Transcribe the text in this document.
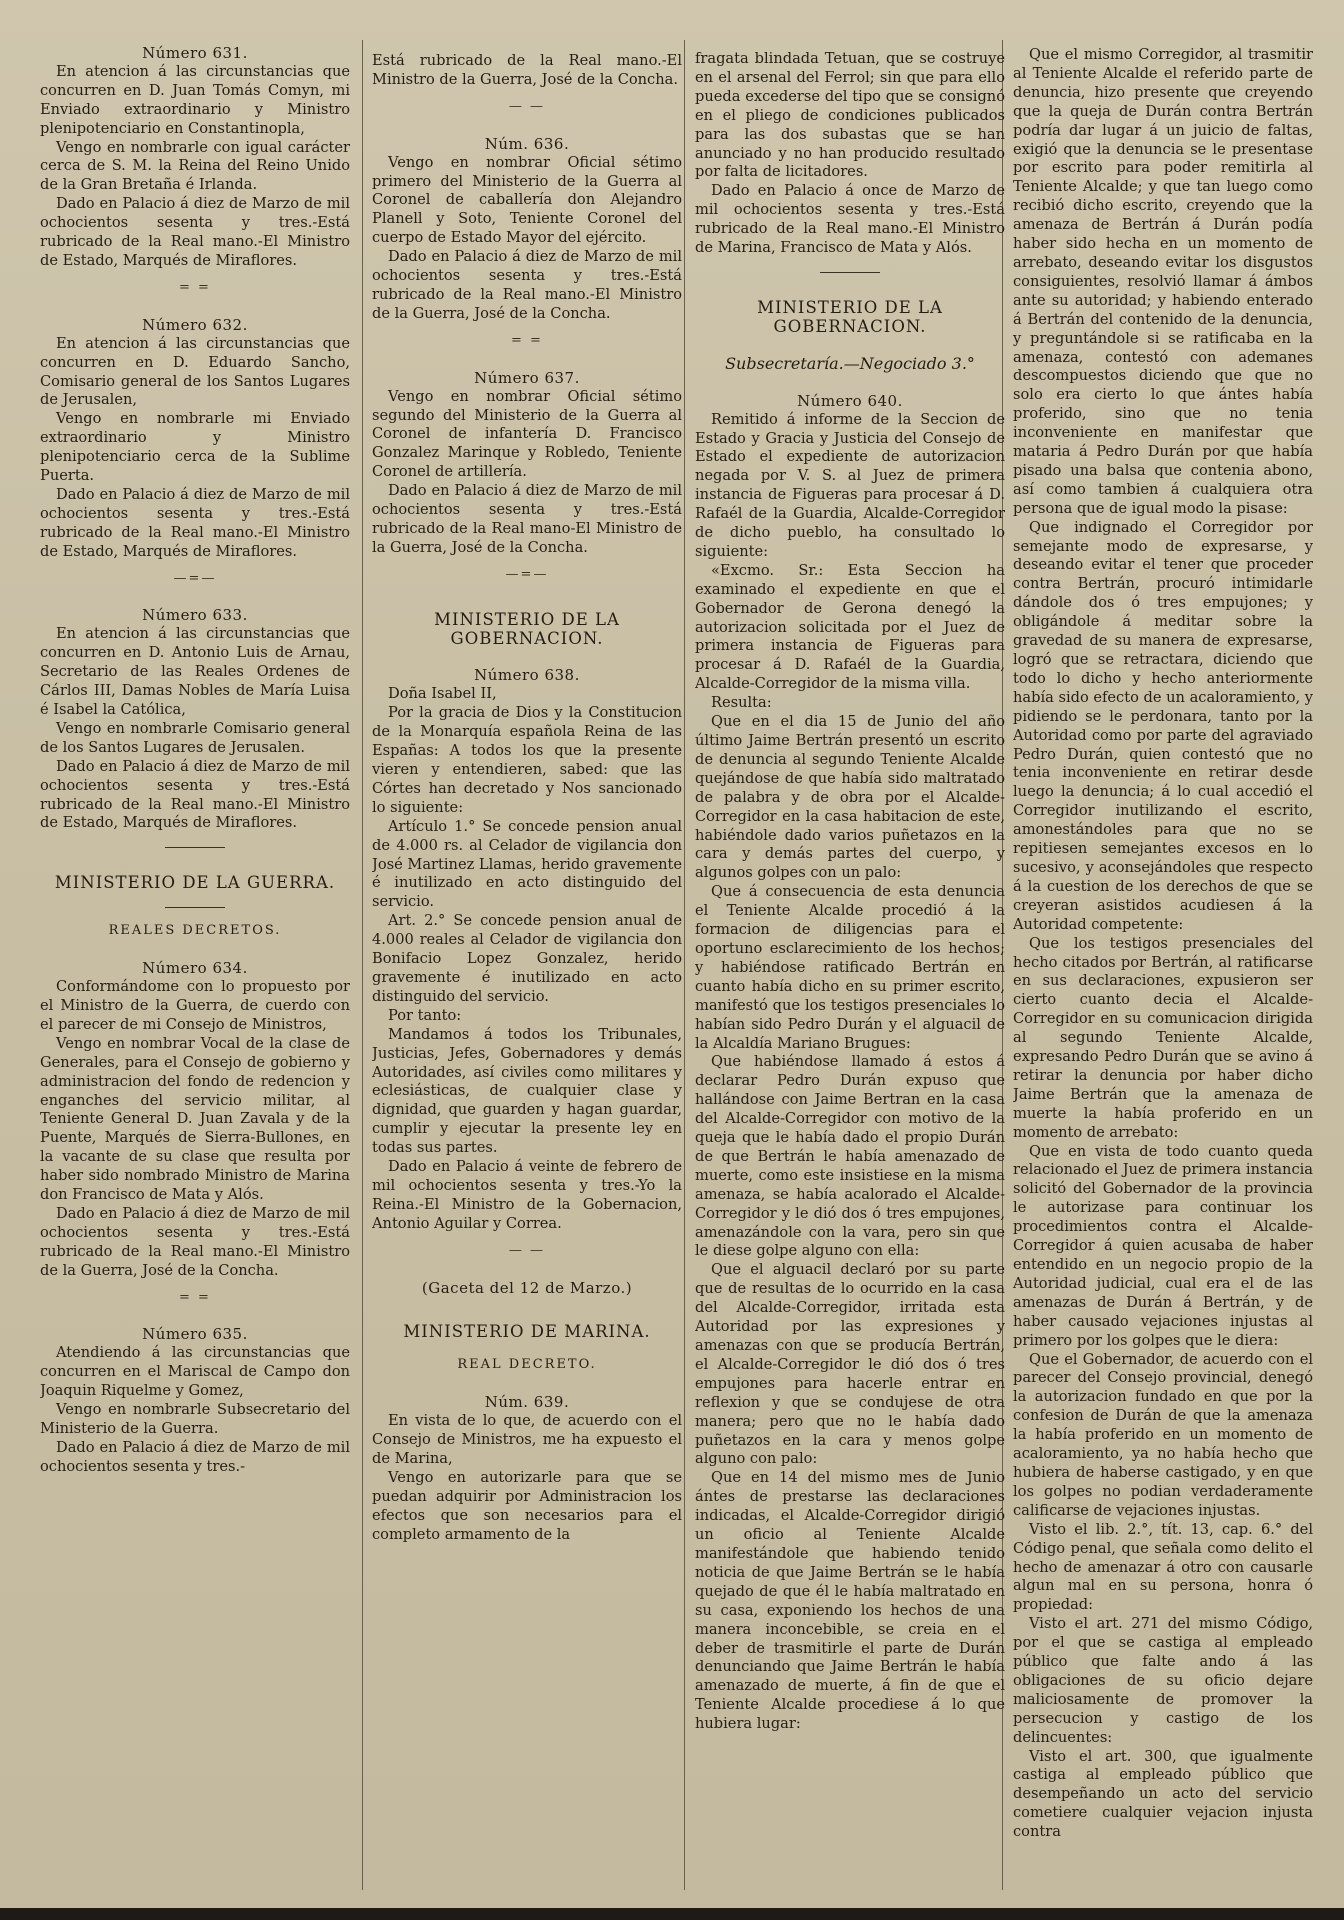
Número 631.

En atencion á las circunstancias que concurren en D. Juan Tomás Comyn, mi Enviado extraordinario y Ministro plenipotenciario en Constantinopla,

Vengo en nombrarle con igual carácter cerca de S. M. la Reina del Reino Unido de la Gran Bretaña é Irlanda.

Dado en Palacio á diez de Marzo de mil ochocientos sesenta y tres.-Está rubricado de la Real mano.-El Ministro de Estado, Marqués de Miraflores.

= =

Número 632.

En atencion á las circunstancias que concurren en D. Eduardo Sancho, Comisario general de los Santos Lugares de Jerusalen,

Vengo en nombrarle mi Enviado extraordinario y Ministro plenipotenciario cerca de la Sublime Puerta.

Dado en Palacio á diez de Marzo de mil ochocientos sesenta y tres.-Está rubricado de la Real mano.-El Ministro de Estado, Marqués de Miraflores.

—=—

Número 633.

En atencion á las circunstancias que concurren en D. Antonio Luis de Arnau, Secretario de las Reales Ordenes de Cárlos III, Damas Nobles de María Luisa é Isabel la Católica,

Vengo en nombrarle Comisario general de los Santos Lugares de Jerusalen.

Dado en Palacio á diez de Marzo de mil ochocientos sesenta y tres.-Está rubricado de la Real mano.-El Ministro de Estado, Marqués de Miraflores.

MINISTERIO DE LA GUERRA.

REALES DECRETOS.

Número 634.

Conformándome con lo propuesto por el Ministro de la Guerra, de cuerdo con el parecer de mi Consejo de Ministros,

Vengo en nombrar Vocal de la clase de Generales, para el Consejo de gobierno y administracion del fondo de redencion y enganches del servicio militar, al Teniente General D. Juan Zavala y de la Puente, Marqués de Sierra-Bullones, en la vacante de su clase que resulta por haber sido nombrado Ministro de Marina don Francisco de Mata y Alós.

Dado en Palacio á diez de Marzo de mil ochocientos sesenta y tres.-Está rubricado de la Real mano.-El Ministro de la Guerra, José de la Concha.

= =

Número 635.

Atendiendo á las circunstancias que concurren en el Mariscal de Campo don Joaquin Riquelme y Gomez,

Vengo en nombrarle Subsecretario del Ministerio de la Guerra.

Dado en Palacio á diez de Marzo de mil ochocientos sesenta y tres.-

Está rubricado de la Real mano.-El Ministro de la Guerra, José de la Concha.

— —

Núm. 636.

Vengo en nombrar Oficial sétimo primero del Ministerio de la Guerra al Coronel de caballería don Alejandro Planell y Soto, Teniente Coronel del cuerpo de Estado Mayor del ejército.

Dado en Palacio á diez de Marzo de mil ochocientos sesenta y tres.-Está rubricado de la Real mano.-El Ministro de la Guerra, José de la Concha.

= =

Número 637.

Vengo en nombrar Oficial sétimo segundo del Ministerio de la Guerra al Coronel de infantería D. Francisco Gonzalez Marinque y Robledo, Teniente Coronel de artillería.

Dado en Palacio á diez de Marzo de mil ochocientos sesenta y tres.-Está rubricado de la Real mano-El Ministro de la Guerra, José de la Concha.

—=—

MINISTERIO DE LA GOBERNACION.

Número 638.

Doña Isabel II,

Por la gracia de Dios y la Constitucion de la Monarquía española Reina de las Españas: A todos los que la presente vieren y entendieren, sabed: que las Córtes han decretado y Nos sancionado lo siguiente:

Artículo 1.° Se concede pension anual de 4.000 rs. al Celador de vigilancia don José Martinez Llamas, herido gravemente é inutilizado en acto distinguido del servicio.

Art. 2.° Se concede pension anual de 4.000 reales al Celador de vigilancia don Bonifacio Lopez Gonzalez, herido gravemente é inutilizado en acto distinguido del servicio.

Por tanto:

Mandamos á todos los Tribunales, Justicias, Jefes, Gobernadores y demás Autoridades, así civiles como militares y eclesiásticas, de cualquier clase y dignidad, que guarden y hagan guardar, cumplir y ejecutar la presente ley en todas sus partes.

Dado en Palacio á veinte de febrero de mil ochocientos sesenta y tres.-Yo la Reina.-El Ministro de la Gobernacion, Antonio Aguilar y Correa.

— —

(Gaceta del 12 de Marzo.)

MINISTERIO DE MARINA.

REAL DECRETO.

Núm. 639.

En vista de lo que, de acuerdo con el Consejo de Ministros, me ha expuesto el de Marina,

Vengo en autorizarle para que se puedan adquirir por Administracion los efectos que son necesarios para el completo armamento de la

fragata blindada Tetuan, que se costruye en el arsenal del Ferrol; sin que para ello pueda excederse del tipo que se consignó en el pliego de condiciones publicados para las dos subastas que se han anunciado y no han producido resultado por falta de licitadores.

Dado en Palacio á once de Marzo de mil ochocientos sesenta y tres.-Está rubricado de la Real mano.-El Ministro de Marina, Francisco de Mata y Alós.

MINISTERIO DE LA GOBERNACION.

Subsecretaría.—Negociado 3.°

Número 640.

Remitido á informe de la Seccion de Estado y Gracia y Justicia del Consejo de Estado el expediente de autorizacion negada por V. S. al Juez de primera instancia de Figueras para procesar á D. Rafaél de la Guardia, Alcalde-Corregidor de dicho pueblo, ha consultado lo siguiente:

«Excmo. Sr.: Esta Seccion ha examinado el expediente en que el Gobernador de Gerona denegó la autorizacion solicitada por el Juez de primera instancia de Figueras para procesar á D. Rafaél de la Guardia, Alcalde-Corregidor de la misma villa.

Resulta:

Que en el dia 15 de Junio del año último Jaime Bertrán presentó un escrito de denuncia al segundo Teniente Alcalde quejándose de que había sido maltratado de palabra y de obra por el Alcalde-Corregidor en la casa habitacion de este, habiéndole dado varios puñetazos en la cara y demás partes del cuerpo, y algunos golpes con un palo:

Que á consecuencia de esta denuncia el Teniente Alcalde procedió á la formacion de diligencias para el oportuno esclarecimiento de los hechos; y habiéndose ratificado Bertrán en cuanto había dicho en su primer escrito, manifestó que los testigos presenciales lo habían sido Pedro Durán y el alguacil de la Alcaldía Mariano Brugues:

Que habiéndose llamado á estos á declarar Pedro Durán expuso que hallándose con Jaime Bertran en la casa del Alcalde-Corregidor con motivo de la queja que le había dado el propio Durán de que Bertrán le había amenazado de muerte, como este insistiese en la misma amenaza, se había acalorado el Alcalde-Corregidor y le dió dos ó tres empujones, amenazándole con la vara, pero sin que le diese golpe alguno con ella:

Que el alguacil declaró por su parte que de resultas de lo ocurrido en la casa del Alcalde-Corregidor, irritada esta Autoridad por las expresiones y amenazas con que se producía Bertrán, el Alcalde-Corregidor le dió dos ó tres empujones para hacerle entrar en reflexion y que se condujese de otra manera; pero que no le había dado puñetazos en la cara y menos golpe alguno con palo:

Que en 14 del mismo mes de Junio ántes de prestarse las declaraciones indicadas, el Alcalde-Corregidor dirigió un oficio al Teniente Alcalde manifestándole que habiendo tenido noticia de que Jaime Bertrán se le había quejado de que él le había maltratado en su casa, exponiendo los hechos de una manera inconcebible, se creia en el deber de trasmitirle el parte de Durán denunciando que Jaime Bertrán le había amenazado de muerte, á fin de que el Teniente Alcalde procediese á lo que hubiera lugar:

Que el mismo Corregidor, al trasmitir al Teniente Alcalde el referido parte de denuncia, hizo presente que creyendo que la queja de Durán contra Bertrán podría dar lugar á un juicio de faltas, exigió que la denuncia se le presentase por escrito para poder remitirla al Teniente Alcalde; y que tan luego como recibió dicho escrito, creyendo que la amenaza de Bertrán á Durán podía haber sido hecha en un momento de arrebato, deseando evitar los disgustos consiguientes, resolvió llamar á ámbos ante su autoridad; y habiendo enterado á Bertrán del contenido de la denuncia, y preguntándole si se ratificaba en la amenaza, contestó con ademanes descompuestos diciendo que que no solo era cierto lo que ántes había proferido, sino que no tenia inconveniente en manifestar que mataria á Pedro Durán por que había pisado una balsa que contenia abono, así como tambien á cualquiera otra persona que de igual modo la pisase:

Que indignado el Corregidor por semejante modo de expresarse, y deseando evitar el tener que proceder contra Bertrán, procuró intimidarle dándole dos ó tres empujones; y obligándole á meditar sobre la gravedad de su manera de expresarse, logró que se retractara, diciendo que todo lo dicho y hecho anteriormente había sido efecto de un acaloramiento, y pidiendo se le perdonara, tanto por la Autoridad como por parte del agraviado Pedro Durán, quien contestó que no tenia inconveniente en retirar desde luego la denuncia; á lo cual accedió el Corregidor inutilizando el escrito, amonestándoles para que no se repitiesen semejantes excesos en lo sucesivo, y aconsejándoles que respecto á la cuestion de los derechos de que se creyeran asistidos acudiesen á la Autoridad competente:

Que los testigos presenciales del hecho citados por Bertrán, al ratificarse en sus declaraciones, expusieron ser cierto cuanto decia el Alcalde-Corregidor en su comunicacion dirigida al segundo Teniente Alcalde, expresando Pedro Durán que se avino á retirar la denuncia por haber dicho Jaime Bertrán que la amenaza de muerte la había proferido en un momento de arrebato:

Que en vista de todo cuanto queda relacionado el Juez de primera instancia solicitó del Gobernador de la provincia le autorizase para continuar los procedimientos contra el Alcalde-Corregidor á quien acusaba de haber entendido en un negocio propio de la Autoridad judicial, cual era el de las amenazas de Durán á Bertrán, y de haber causado vejaciones injustas al primero por los golpes que le diera:

Que el Gobernador, de acuerdo con el parecer del Consejo provincial, denegó la autorizacion fundado en que por la confesion de Durán de que la amenaza la había proferido en un momento de acaloramiento, ya no había hecho que hubiera de haberse castigado, y en que los golpes no podian verdaderamente calificarse de vejaciones injustas.

Visto el lib. 2.°, tít. 13, cap. 6.° del Código penal, que señala como delito el hecho de amenazar á otro con causarle algun mal en su persona, honra ó propiedad:

Visto el art. 271 del mismo Código, por el que se castiga al empleado público que falte ando á las obligaciones de su oficio dejare maliciosamente de promover la persecucion y castigo de los delincuentes:

Visto el art. 300, que igualmente castiga al empleado público que desempeñando un acto del servicio cometiere cualquier vejacion injusta contra
